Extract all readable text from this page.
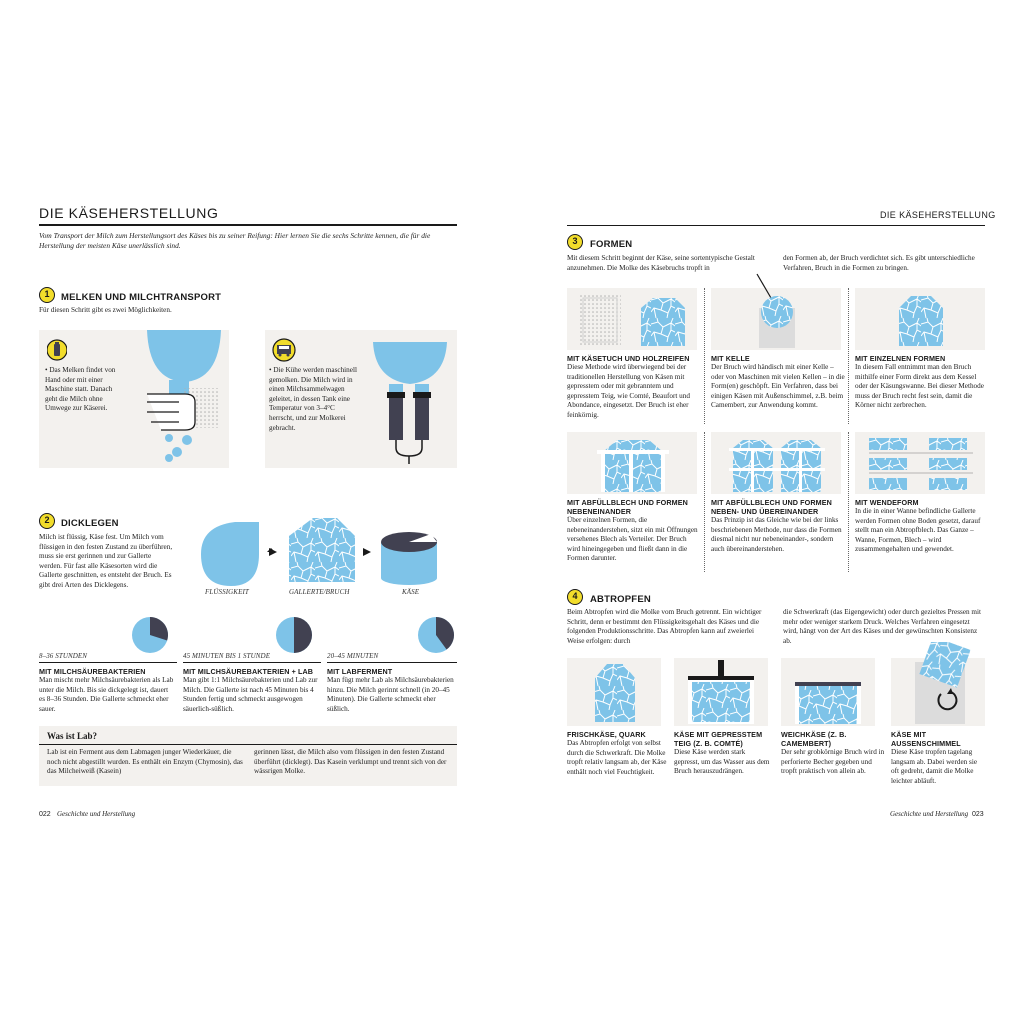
DIE KÄSEHERSTELLUNG
Vom Transport der Milch zum Herstellungsort des Käses bis zu seiner Reifung: Hier lernen Sie die sechs Schritte kennen, die für die Herstellung der meisten Käse unerlässlich sind.
1	MELKEN UND MILCHTRANSPORT
Für diesen Schritt gibt es zwei Möglichkeiten.
• Das Melken findet von Hand oder mit einer Maschine statt. Danach geht die Milch ohne Umwege zur Käserei.
• Die Kühe werden maschinell gemolken. Die Milch wird in einen Milchsammelwagen geleitet, in dessen Tank eine Temperatur von 3–4°C herrscht, und zur Molkerei gebracht.
2	DICKLEGEN
Milch ist flüssig, Käse fest. Um Milch vom flüssigen in den festen Zustand zu überführen, muss sie erst gerinnen und zur Gallerte werden. Für fast alle Käsesorten wird die Gallerte geschnitten, es entsteht der Bruch. Es gibt drei Arten des Dicklegens.
FLÜSSIGKEIT	GALLERTE/BRUCH	KÄSE
8–36 STUNDEN
MIT MILCHSÄUREBAKTERIEN
Man mischt mehr Milchsäurebakterien als Lab unter die Milch. Bis sie dickgelegt ist, dauert es 8–36 Stunden. Die Gallerte schmeckt eher sauer.
45 MINUTEN BIS 1 STUNDE
MIT MILCHSÄUREBAKTERIEN + LAB
Man gibt 1:1 Milchsäurebakterien und Lab zur Milch. Die Gallerte ist nach 45 Minuten bis 4 Stunden fertig und schmeckt ausgewogen säuerlich-süßlich.
20–45 MINUTEN
MIT LABFERMENT
Man fügt mehr Lab als Milchsäurebakterien hinzu. Die Milch gerinnt schnell (in 20–45 Minuten). Die Gallerte schmeckt eher süßlich.
Was ist Lab?
Lab ist ein Ferment aus dem Labmagen junger Wiederkäuer, die noch nicht abgestillt wurden. Es enthält ein Enzym (Chymosin), das das Milcheiweiß (Kasein)
gerinnen lässt, die Milch also vom flüssigen in den festen Zustand überführt (dicklegt). Das Kasein verklumpt und trennt sich von der wässrigen Molke.
022 Geschichte und Herstellung
DIE KÄSEHERSTELLUNG
3	FORMEN
Mit diesem Schritt beginnt der Käse, seine sortentypische Gestalt anzunehmen. Die Molke des Käsebruchs tropft in
den Formen ab, der Bruch verdichtet sich. Es gibt unterschiedliche Verfahren, Bruch in die Formen zu bringen.
MIT KÄSETUCH UND HOLZREIFEN
Diese Methode wird überwiegend bei der traditionellen Herstellung von Käsen mit gepresstem oder mit gebranntem und gepresstem Teig, wie Comté, Beaufort und Abondance, eingesetzt. Der Bruch ist eher feinkörnig.
MIT KELLE
Der Bruch wird händisch mit einer Kelle – oder von Maschinen mit vielen Kellen – in die Form(en) geschöpft. Ein Verfahren, dass bei einigen Käsen mit Außenschimmel, z.B. beim Camembert, zur Anwendung kommt.
MIT EINZELNEN FORMEN
In diesem Fall entnimmt man den Bruch mithilfe einer Form direkt aus dem Kessel oder der Käsungswanne. Bei dieser Methode muss der Bruch recht fest sein, damit die Körner nicht zerbrechen.
MIT ABFÜLLBLECH UND FORMEN NEBENEINANDER
Über einzelnen Formen, die nebeneinanderstehen, sitzt ein mit Öffnungen versehenes Blech als Verteiler. Der Bruch wird hineingegeben und fließt dann in die Formen darunter.
MIT ABFÜLLBLECH UND FORMEN NEBEN- UND ÜBEREINANDER
Das Prinzip ist das Gleiche wie bei der links beschriebenen Methode, nur dass die Formen diesmal nicht nur nebeneinander-, sondern auch übereinanderstehen.
MIT WENDEFORM
In die in einer Wanne befindliche Gallerte werden Formen ohne Boden gesetzt, darauf stellt man ein Abtropfblech. Das Ganze – Wanne, Formen, Blech – wird zusammengehalten und gewendet.
4	ABTROPFEN
Beim Abtropfen wird die Molke vom Bruch getrennt. Ein wichtiger Schritt, denn er bestimmt den Flüssigkeitsgehalt des Käses und die folgenden Produktionsschritte. Das Abtropfen kann auf zweierlei Weise erfolgen: durch
die Schwerkraft (das Eigengewicht) oder durch gezieltes Pressen mit mehr oder weniger starkem Druck. Welches Verfahren eingesetzt wird, hängt von der Art des Käses und der gewünschten Konsistenz ab.
FRISCHKÄSE, QUARK
Das Abtropfen erfolgt von selbst durch die Schwerkraft. Die Molke tropft relativ langsam ab, der Käse enthält noch viel Feuchtigkeit.
KÄSE MIT GEPRESSTEM TEIG (Z. B. COMTÉ)
Diese Käse werden stark gepresst, um das Wasser aus dem Bruch herauszudrängen.
WEICHKÄSE (Z. B. CAMEMBERT)
Der sehr grobkörnige Bruch wird in perforierte Becher gegeben und tropft praktisch von allein ab.
KÄSE MIT AUSSENSCHIMMEL
Diese Käse tropfen tagelang langsam ab. Dabei werden sie oft gedreht, damit die Molke leichter abläuft.
Geschichte und Herstellung 023
